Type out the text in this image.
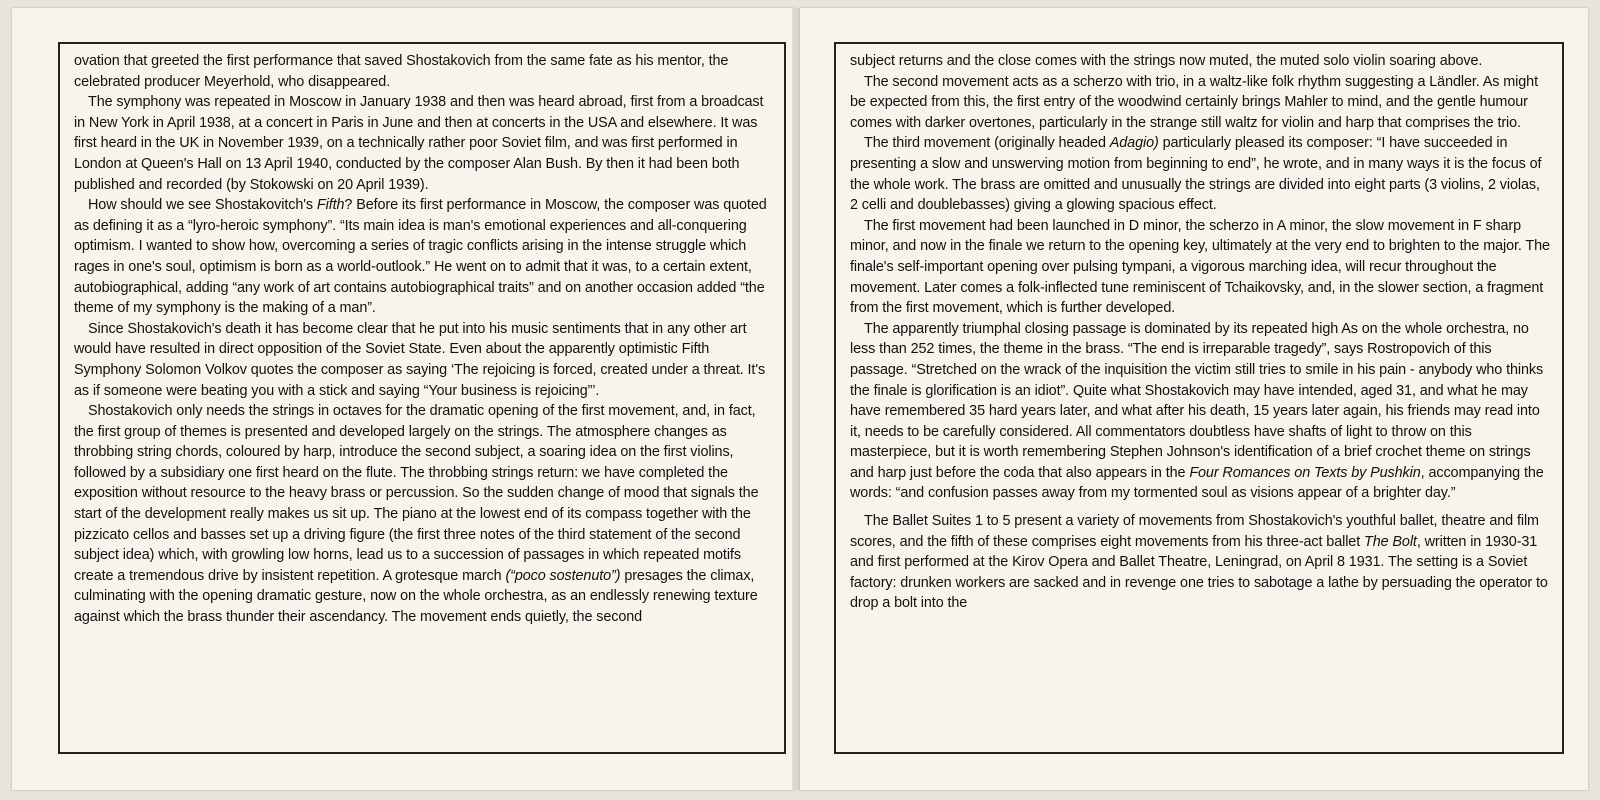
ovation that greeted the first performance that saved Shostakovich from the same fate as his mentor, the celebrated producer Meyerhold, who disappeared.

The symphony was repeated in Moscow in January 1938 and then was heard abroad, first from a broadcast in New York in April 1938, at a concert in Paris in June and then at concerts in the USA and elsewhere. It was first heard in the UK in November 1939, on a technically rather poor Soviet film, and was first performed in London at Queen's Hall on 13 April 1940, conducted by the composer Alan Bush. By then it had been both published and recorded (by Stokowski on 20 April 1939).

How should we see Shostakovitch's Fifth? Before its first performance in Moscow, the composer was quoted as defining it as a “lyro-heroic symphony”. “Its main idea is man's emotional experiences and all-conquering optimism. I wanted to show how, overcoming a series of tragic conflicts arising in the intense struggle which rages in one's soul, optimism is born as a world-outlook.” He went on to admit that it was, to a certain extent, autobiographical, adding “any work of art contains autobiographical traits” and on another occasion added “the theme of my symphony is the making of a man”.

Since Shostakovich's death it has become clear that he put into his music sentiments that in any other art would have resulted in direct opposition of the Soviet State. Even about the apparently optimistic Fifth Symphony Solomon Volkov quotes the composer as saying ‘The rejoicing is forced, created under a threat. It's as if someone were beating you with a stick and saying “Your business is rejoicing”’.

Shostakovich only needs the strings in octaves for the dramatic opening of the first movement, and, in fact, the first group of themes is presented and developed largely on the strings. The atmosphere changes as throbbing string chords, coloured by harp, introduce the second subject, a soaring idea on the first violins, followed by a subsidiary one first heard on the flute. The throbbing strings return: we have completed the exposition without resource to the heavy brass or percussion. So the sudden change of mood that signals the start of the development really makes us sit up. The piano at the lowest end of its compass together with the pizzicato cellos and basses set up a driving figure (the first three notes of the third statement of the second subject idea) which, with growling low horns, lead us to a succession of passages in which repeated motifs create a tremendous drive by insistent repetition. A grotesque march (“poco sostenuto”) presages the climax, culminating with the opening dramatic gesture, now on the whole orchestra, as an endlessly renewing texture against which the brass thunder their ascendancy. The movement ends quietly, the second

subject returns and the close comes with the strings now muted, the muted solo violin soaring above.

The second movement acts as a scherzo with trio, in a waltz-like folk rhythm suggesting a Ländler. As might be expected from this, the first entry of the woodwind certainly brings Mahler to mind, and the gentle humour comes with darker overtones, particularly in the strange still waltz for violin and harp that comprises the trio.

The third movement (originally headed Adagio) particularly pleased its composer: “I have succeeded in presenting a slow and unswerving motion from beginning to end”, he wrote, and in many ways it is the focus of the whole work. The brass are omitted and unusually the strings are divided into eight parts (3 violins, 2 violas, 2 celli and doublebasses) giving a glowing spacious effect.

The first movement had been launched in D minor, the scherzo in A minor, the slow movement in F sharp minor, and now in the finale we return to the opening key, ultimately at the very end to brighten to the major. The finale's self-important opening over pulsing tympani, a vigorous marching idea, will recur throughout the movement. Later comes a folk-inflected tune reminiscent of Tchaikovsky, and, in the slower section, a fragment from the first movement, which is further developed.

The apparently triumphal closing passage is dominated by its repeated high As on the whole orchestra, no less than 252 times, the theme in the brass. “The end is irreparable tragedy”, says Rostropovich of this passage. “Stretched on the wrack of the inquisition the victim still tries to smile in his pain - anybody who thinks the finale is glorification is an idiot”. Quite what Shostakovich may have intended, aged 31, and what he may have remembered 35 hard years later, and what after his death, 15 years later again, his friends may read into it, needs to be carefully considered. All commentators doubtless have shafts of light to throw on this masterpiece, but it is worth remembering Stephen Johnson's identification of a brief crochet theme on strings and harp just before the coda that also appears in the Four Romances on Texts by Pushkin, accompanying the words: “and confusion passes away from my tormented soul as visions appear of a brighter day.”

The Ballet Suites 1 to 5 present a variety of movements from Shostakovich's youthful ballet, theatre and film scores, and the fifth of these comprises eight movements from his three-act ballet The Bolt, written in 1930-31 and first performed at the Kirov Opera and Ballet Theatre, Leningrad, on April 8 1931. The setting is a Soviet factory: drunken workers are sacked and in revenge one tries to sabotage a lathe by persuading the operator to drop a bolt into the
